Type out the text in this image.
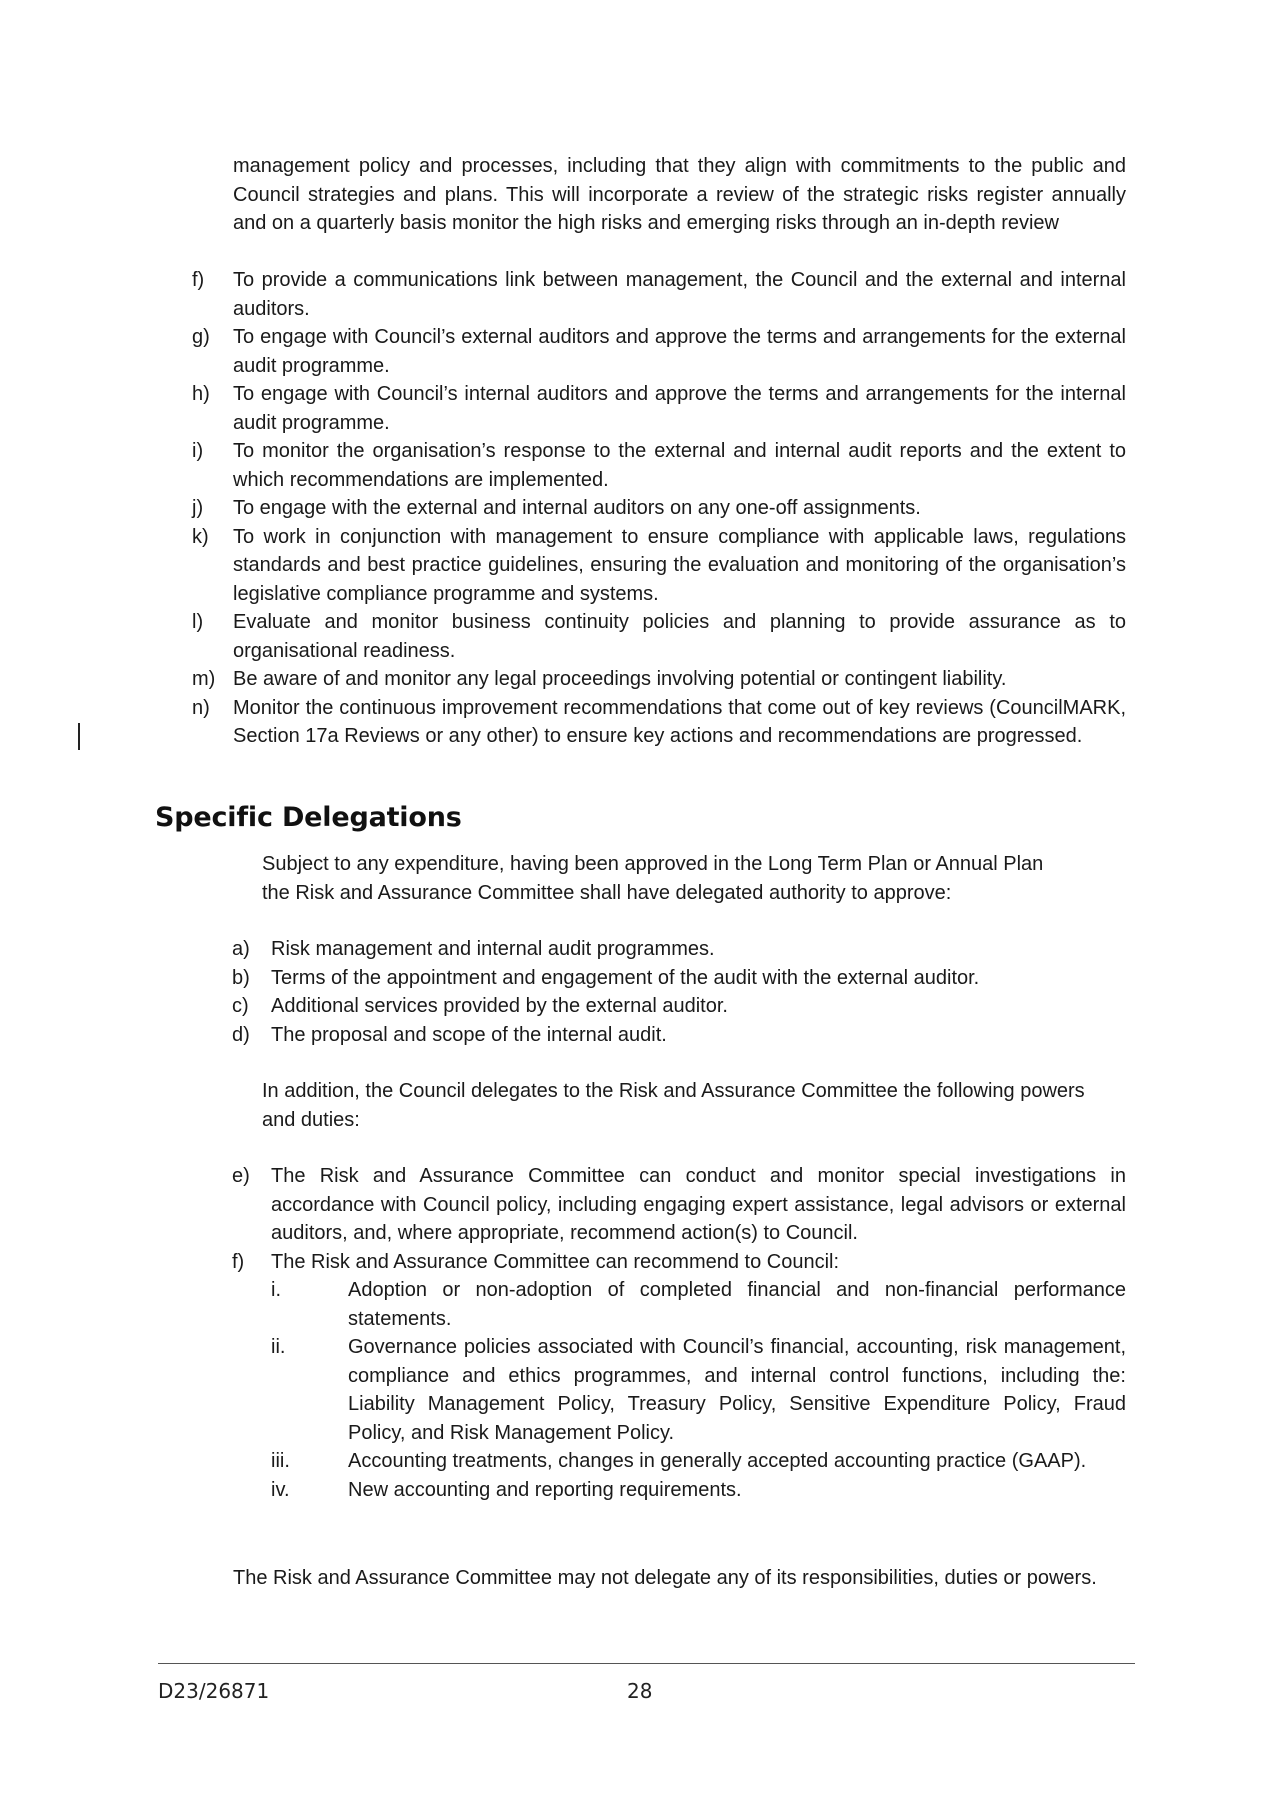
management policy and processes, including that they align with commitments to the public and Council strategies and plans. This will incorporate a review of the strategic risks register annually and on a quarterly basis monitor the high risks and emerging risks through an in-depth review

f) To provide a communications link between management, the Council and the external and internal auditors.
g) To engage with Council’s external auditors and approve the terms and arrangements for the external audit programme.
h) To engage with Council’s internal auditors and approve the terms and arrangements for the internal audit programme.
i) To monitor the organisation’s response to the external and internal audit reports and the extent to which recommendations are implemented.
j) To engage with the external and internal auditors on any one-off assignments.
k) To work in conjunction with management to ensure compliance with applicable laws, regulations standards and best practice guidelines, ensuring the evaluation and monitoring of the organisation’s legislative compliance programme and systems.
l) Evaluate and monitor business continuity policies and planning to provide assurance as to organisational readiness.
m) Be aware of and monitor any legal proceedings involving potential or contingent liability.
n) Monitor the continuous improvement recommendations that come out of key reviews (CouncilMARK, Section 17a Reviews or any other) to ensure key actions and recommendations are progressed.
Specific Delegations

Subject to any expenditure, having been approved in the Long Term Plan or Annual Plan the Risk and Assurance Committee shall have delegated authority to approve:

a) Risk management and internal audit programmes.
b) Terms of the appointment and engagement of the audit with the external auditor.
c) Additional services provided by the external auditor.
d) The proposal and scope of the internal audit.

In addition, the Council delegates to the Risk and Assurance Committee the following powers and duties:

e) The Risk and Assurance Committee can conduct and monitor special investigations in accordance with Council policy, including engaging expert assistance, legal advisors or external auditors, and, where appropriate, recommend action(s) to Council.
f) The Risk and Assurance Committee can recommend to Council:
i.	Adoption or non-adoption of completed financial and non-financial performance statements.
ii.	Governance policies associated with Council’s financial, accounting, risk management, compliance and ethics programmes, and internal control functions, including the: Liability Management Policy, Treasury Policy, Sensitive Expenditure Policy, Fraud Policy, and Risk Management Policy.
iii.	Accounting treatments, changes in generally accepted accounting practice (GAAP).
iv.	New accounting and reporting requirements.

The Risk and Assurance Committee may not delegate any of its responsibilities, duties or powers.

D23/26871	28
